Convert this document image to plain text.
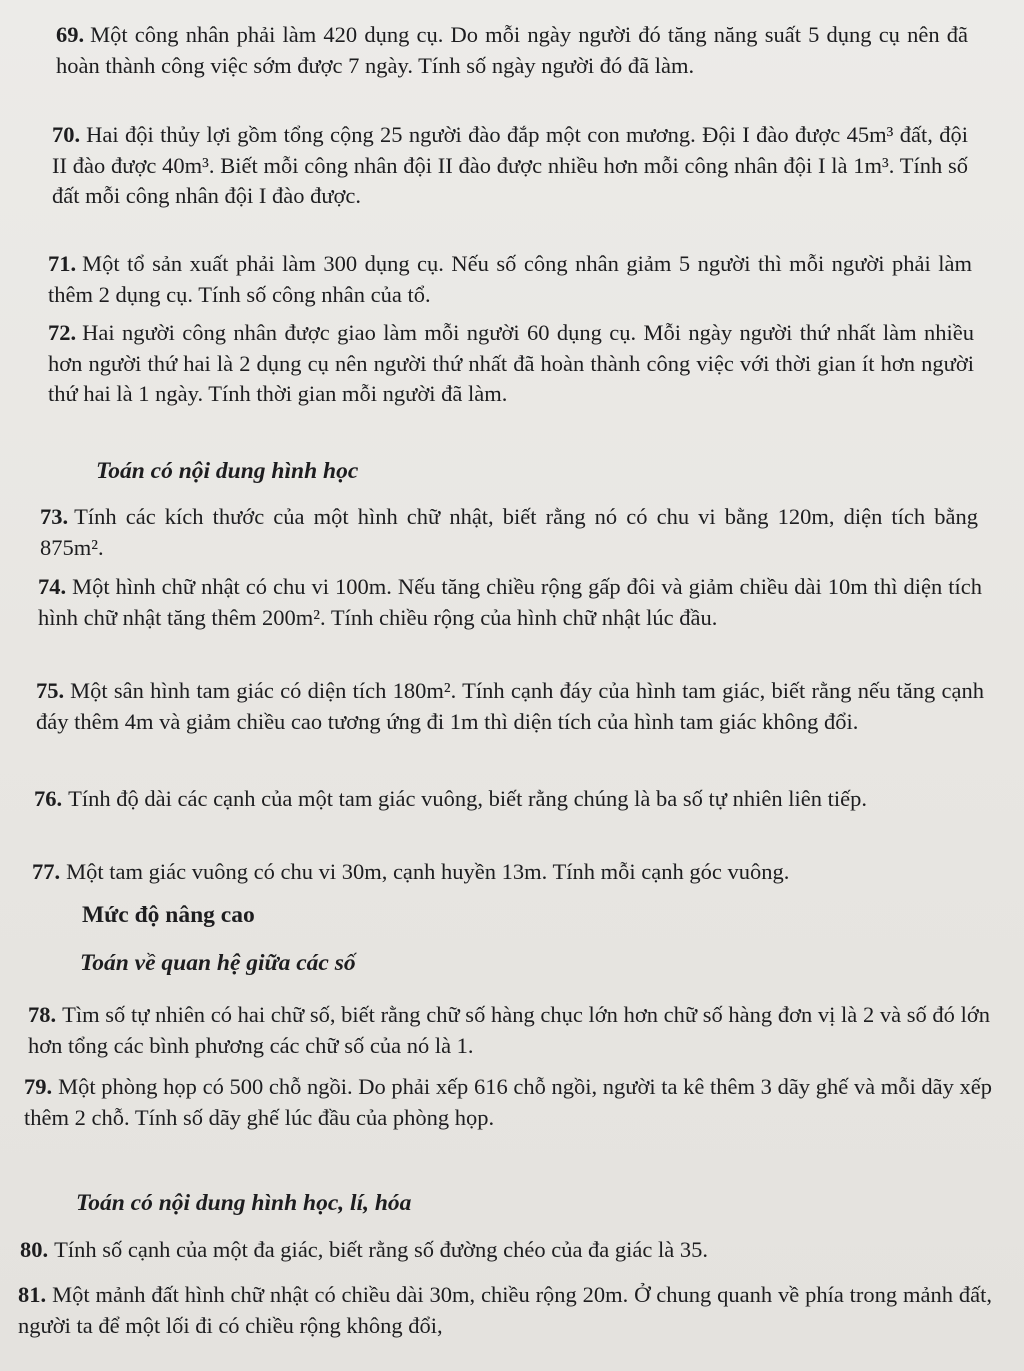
69. Một công nhân phải làm 420 dụng cụ. Do mỗi ngày người đó tăng năng suất 5 dụng cụ nên đã hoàn thành công việc sớm được 7 ngày. Tính số ngày người đó đã làm.
70. Hai đội thủy lợi gồm tổng cộng 25 người đào đắp một con mương. Đội I đào được 45m³ đất, đội II đào được 40m³. Biết mỗi công nhân đội II đào được nhiều hơn mỗi công nhân đội I là 1m³. Tính số đất mỗi công nhân đội I đào được.
71. Một tổ sản xuất phải làm 300 dụng cụ. Nếu số công nhân giảm 5 người thì mỗi người phải làm thêm 2 dụng cụ. Tính số công nhân của tổ.
72. Hai người công nhân được giao làm mỗi người 60 dụng cụ. Mỗi ngày người thứ nhất làm nhiều hơn người thứ hai là 2 dụng cụ nên người thứ nhất đã hoàn thành công việc với thời gian ít hơn người thứ hai là 1 ngày. Tính thời gian mỗi người đã làm.
Toán có nội dung hình học
73. Tính các kích thước của một hình chữ nhật, biết rằng nó có chu vi bằng 120m, diện tích bằng 875m².
74. Một hình chữ nhật có chu vi 100m. Nếu tăng chiều rộng gấp đôi và giảm chiều dài 10m thì diện tích hình chữ nhật tăng thêm 200m². Tính chiều rộng của hình chữ nhật lúc đầu.
75. Một sân hình tam giác có diện tích 180m². Tính cạnh đáy của hình tam giác, biết rằng nếu tăng cạnh đáy thêm 4m và giảm chiều cao tương ứng đi 1m thì diện tích của hình tam giác không đổi.
76. Tính độ dài các cạnh của một tam giác vuông, biết rằng chúng là ba số tự nhiên liên tiếp.
77. Một tam giác vuông có chu vi 30m, cạnh huyền 13m. Tính mỗi cạnh góc vuông.
Mức độ nâng cao
Toán về quan hệ giữa các số
78. Tìm số tự nhiên có hai chữ số, biết rằng chữ số hàng chục lớn hơn chữ số hàng đơn vị là 2 và số đó lớn hơn tổng các bình phương các chữ số của nó là 1.
79. Một phòng họp có 500 chỗ ngồi. Do phải xếp 616 chỗ ngồi, người ta kê thêm 3 dãy ghế và mỗi dãy xếp thêm 2 chỗ. Tính số dãy ghế lúc đầu của phòng họp.
Toán có nội dung hình học, lí, hóa
80. Tính số cạnh của một đa giác, biết rằng số đường chéo của đa giác là 35.
81. Một mảnh đất hình chữ nhật có chiều dài 30m, chiều rộng 20m. Ở chung quanh về phía trong mảnh đất, người ta để một lối đi có chiều rộng không đổi,
